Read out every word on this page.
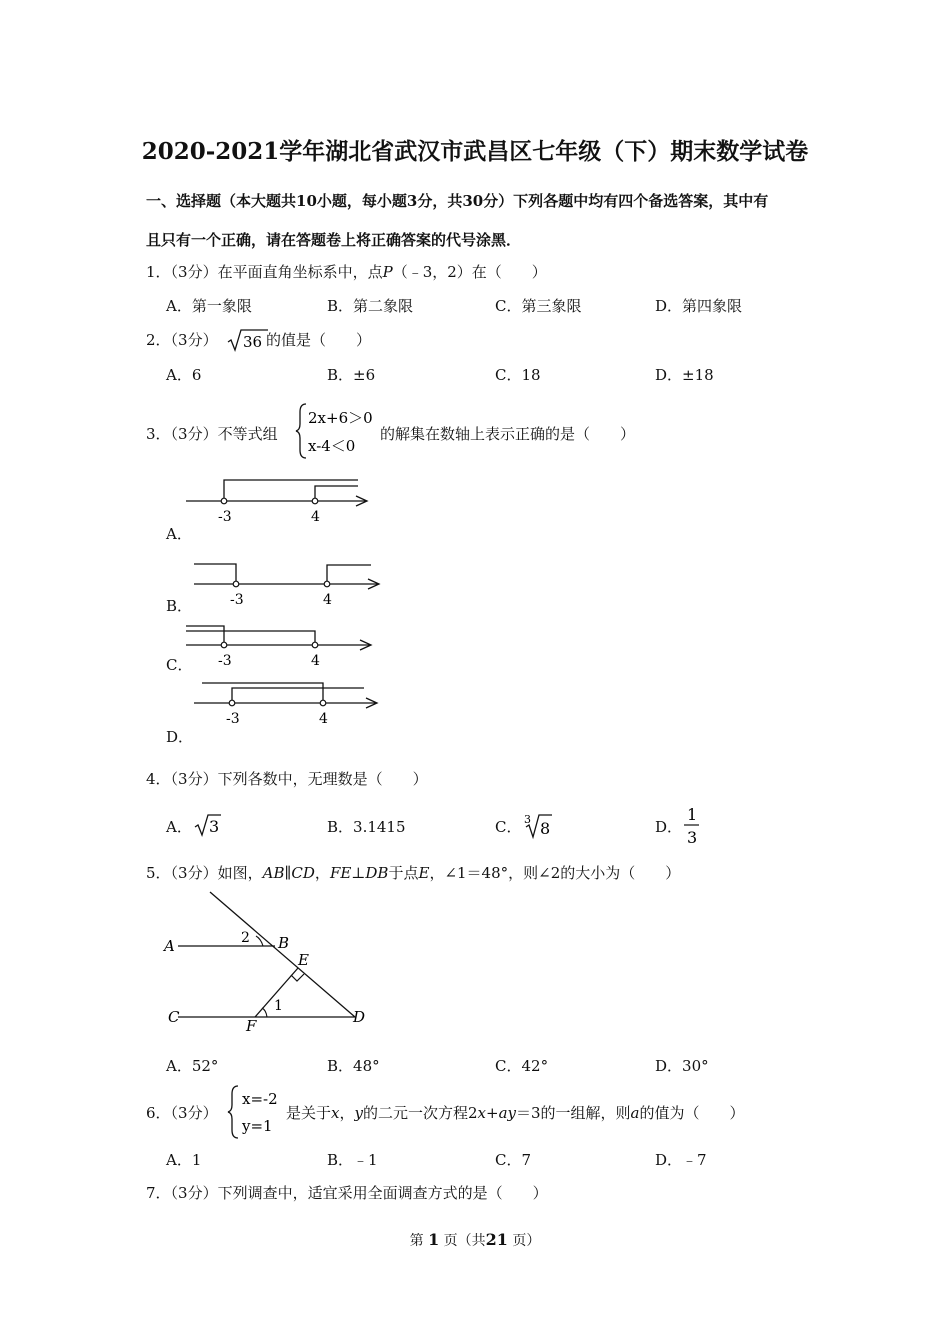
2020-2021学年湖北省武汉市武昌区七年级（下）期末数学试卷
一、选择题（本大题共10小题，每小题3分，共30分）下列各题中均有四个备选答案，其中有
且只有一个正确，请在答题卷上将正确答案的代号涂黑．
1．（3分）在平面直角坐标系中，点P（﹣3，2）在（　　）
A．第一象限	B．第二象限	C．第三象限	D．第四象限
2．（3分） 36 的值是（　　）
A．6	B．±6	C．18	D．±18
3．（3分）不等式组
2x+6＞0
x-4＜0
的解集在数轴上表示正确的是（　　）
-3	4
A．
-3	4
B．
-3	4
C．
-3	4
D．
4．（3分）下列各数中，无理数是（　　）
A． 3	B．3.1415	C． 3 8	D．
1
3
5．（3分）如图，AB∥CD，FE⊥DB于点E，∠1＝48°，则∠2的大小为（　　）
A	B
E
C	F	D
2
1
A．52°	B．48°	C．42°	D．30°
6．（3分）
x=-2
y=1
是关于x，y的二元一次方程2x+ay＝3的一组解，则a的值为（　　）
A．1	B．﹣1	C．7	D．﹣7
7．（3分）下列调查中，适宜采用全面调查方式的是（　　）
第 1 页（共21 页）
